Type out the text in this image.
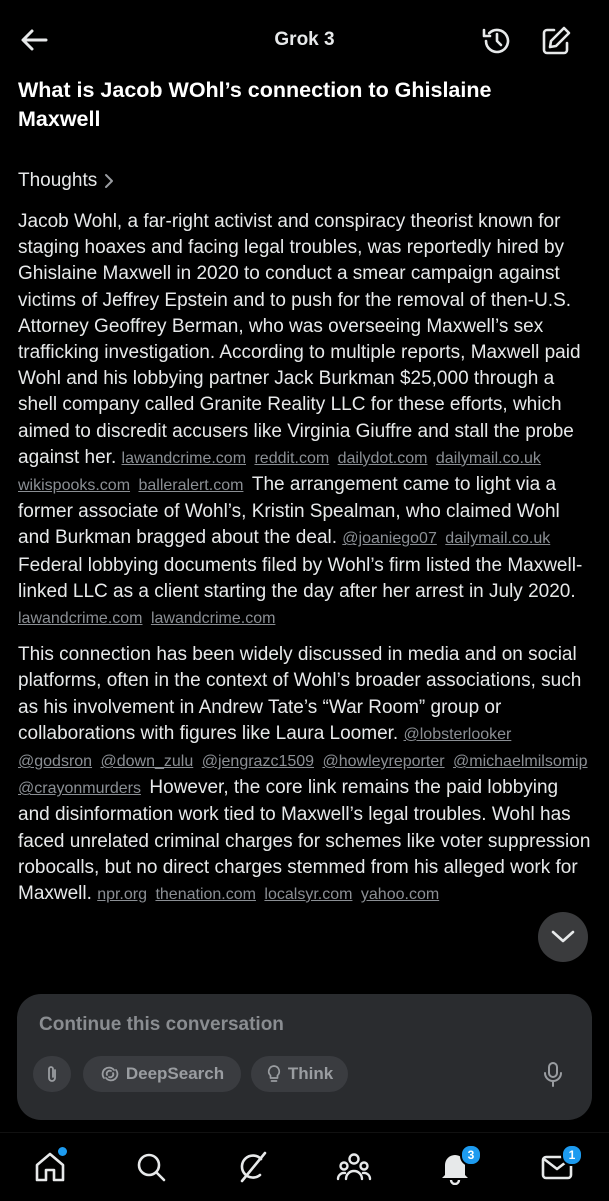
Grok 3
What is Jacob WOhl’s connection to Ghislaine Maxwell
Thoughts

Jacob Wohl, a far-right activist and conspiracy theorist known for staging hoaxes and facing legal troubles, was reportedly hired by Ghislaine Maxwell in 2020 to conduct a smear campaign against victims of Jeffrey Epstein and to push for the removal of then-U.S. Attorney Geoffrey Berman, who was overseeing Maxwell’s sex trafficking investigation. According to multiple reports, Maxwell paid Wohl and his lobbying partner Jack Burkman $25,000 through a shell company called Granite Reality LLC for these efforts, which aimed to discredit accusers like Virginia Giuffre and stall the probe against her. lawandcrime.com reddit.com dailydot.com dailymail.co.uk wikispooks.com balleralert.com The arrangement came to light via a former associate of Wohl’s, Kristin Spealman, who claimed Wohl and Burkman bragged about the deal. @joaniego07 dailymail.co.uk Federal lobbying documents filed by Wohl’s firm listed the Maxwell-linked LLC as a client starting the day after her arrest in July 2020. lawandcrime.com lawandcrime.com

This connection has been widely discussed in media and on social platforms, often in the context of Wohl’s broader associations, such as his involvement in Andrew Tate’s “War Room” group or collaborations with figures like Laura Loomer. @lobsterlooker @godsron @down_zulu @jengrazc1509 @howleyreporter @michaelmilsomip @crayonmurders However, the core link remains the paid lobbying and disinformation work tied to Maxwell’s legal troubles. Wohl has faced unrelated criminal charges for schemes like voter suppression robocalls, but no direct charges stemmed from his alleged work for Maxwell. npr.org thenation.com localsyr.com yahoo.com

Continue this conversation
DeepSearch	Think
3	1
